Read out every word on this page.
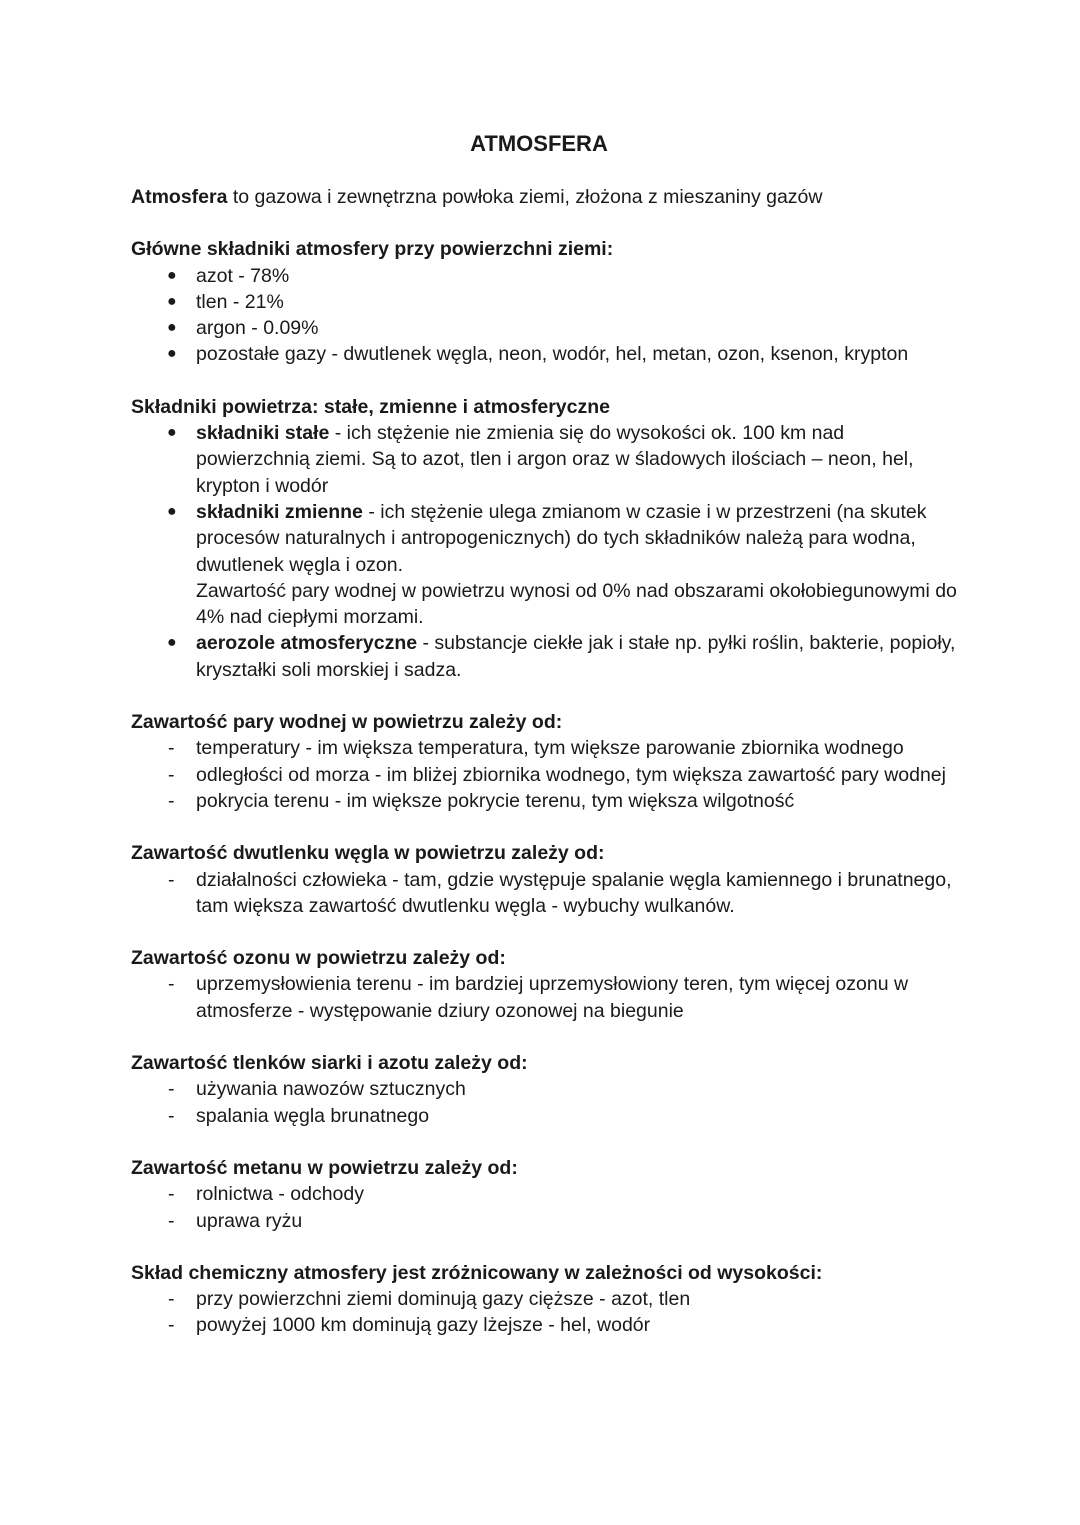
ATMOSFERA
Atmosfera to gazowa i zewnętrzna powłoka ziemi, złożona z mieszaniny gazów
Główne składniki atmosfery przy powierzchni ziemi:
● azot - 78%
● tlen - 21%
● argon - 0.09%
● pozostałe gazy - dwutlenek węgla, neon, wodór, hel, metan, ozon, ksenon, krypton
Składniki powietrza: stałe, zmienne i atmosferyczne
● składniki stałe - ich stężenie nie zmienia się do wysokości ok. 100 km nad powierzchnią ziemi. Są to azot, tlen i argon oraz w śladowych ilościach – neon, hel, krypton i wodór
● składniki zmienne - ich stężenie ulega zmianom w czasie i w przestrzeni (na skutek procesów naturalnych i antropogenicznych) do tych składników należą para wodna, dwutlenek węgla i ozon.
Zawartość pary wodnej w powietrzu wynosi od 0% nad obszarami okołobiegunowymi do 4% nad ciepłymi morzami.
● aerozole atmosferyczne - substancje ciekłe jak i stałe np. pyłki roślin, bakterie, popioły, kryształki soli morskiej i sadza.
Zawartość pary wodnej w powietrzu zależy od:
- temperatury - im większa temperatura, tym większe parowanie zbiornika wodnego
- odległości od morza - im bliżej zbiornika wodnego, tym większa zawartość pary wodnej
- pokrycia terenu - im większe pokrycie terenu, tym większa wilgotność
Zawartość dwutlenku węgla w powietrzu zależy od:
- działalności człowieka - tam, gdzie występuje spalanie węgla kamiennego i brunatnego, tam większa zawartość dwutlenku węgla - wybuchy wulkanów.
Zawartość ozonu w powietrzu zależy od:
- uprzemysłowienia terenu - im bardziej uprzemysłowiony teren, tym więcej ozonu w atmosferze - występowanie dziury ozonowej na biegunie
Zawartość tlenków siarki i azotu zależy od:
- używania nawozów sztucznych
- spalania węgla brunatnego
Zawartość metanu w powietrzu zależy od:
- rolnictwa - odchody
- uprawa ryżu
Skład chemiczny atmosfery jest zróżnicowany w zależności od wysokości:
- przy powierzchni ziemi dominują gazy cięższe - azot, tlen
- powyżej 1000 km dominują gazy lżejsze - hel, wodór
